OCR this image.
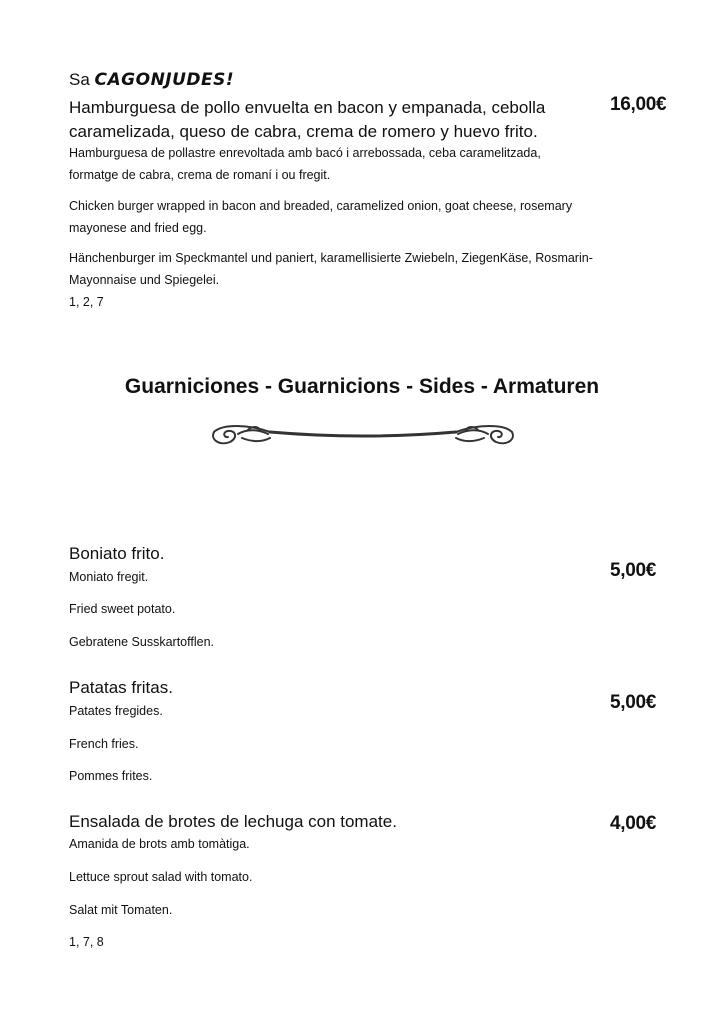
Sa CAGONJUDES!
16,00€
Hamburguesa de pollo envuelta en bacon y empanada, cebolla
caramelizada, queso de cabra, crema de romero y huevo frito.
Hamburguesa de pollastre enrevoltada amb bacó i arrebossada, ceba caramelitzada,
formatge de cabra, crema de romaní i ou fregit.
Chicken burger wrapped in bacon and breaded, caramelized onion, goat cheese, rosemary
mayonese and fried egg.
Hänchenburger im Speckmantel und paniert, karamellisierte Zwiebeln, ZiegenKäse, Rosmarin-
Mayonnaise und Spiegelei.
1, 2, 7
Guarniciones - Guarnicions - Sides - Armaturen
Boniato frito.
5,00€
Moniato fregit.
Fried sweet potato.
Gebratene Susskartofflen.
Patatas fritas.
5,00€
Patates fregides.
French fries.
Pommes frites.
Ensalada de brotes de lechuga con tomate.	4,00€
Amanida de brots amb tomàtiga.
Lettuce sprout salad with tomato.
Salat mit Tomaten.
1, 7, 8
